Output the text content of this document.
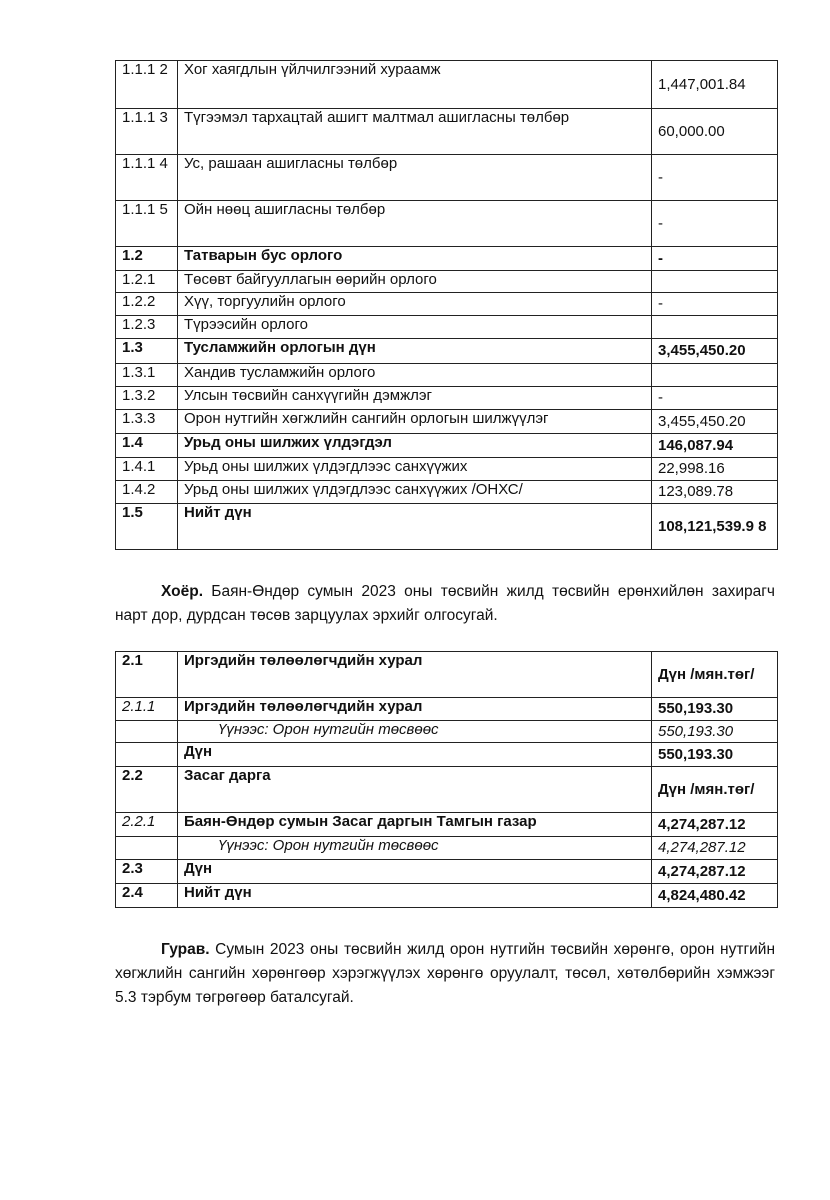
1.1.1 2	Хог хаягдлын үйлчилгээний хураамж	1,447,001.84
1.1.1 3	Түгээмэл тархацтай ашигт малтмал ашигласны төлбөр	60,000.00
1.1.1 4	Ус, рашаан ашигласны төлбөр	-
1.1.1 5	Ойн нөөц ашигласны төлбөр	-
1.2	Татварын бус орлого	-
1.2.1	Төсөвт байгууллагын өөрийн орлого	
1.2.2	Хүү, торгуулийн орлого	-
1.2.3	Түрээсийн орлого	
1.3	Тусламжийн орлогын дүн	3,455,450.20
1.3.1	Хандив тусламжийн орлого	
1.3.2	Улсын төсвийн санхүүгийн дэмжлэг	-
1.3.3	Орон нутгийн хөгжлийн сангийн орлогын шилжүүлэг	3,455,450.20
1.4	Урьд оны шилжих үлдэгдэл	146,087.94
1.4.1	Урьд оны шилжих үлдэгдлээс санхүүжих	22,998.16
1.4.2	Урьд оны шилжих үлдэгдлээс санхүүжих /ОНХС/	123,089.78
1.5	Нийт дүн	108,121,539.9 8
Хоёр. Баян-Өндөр сумын 2023 оны төсвийн жилд төсвийн ерөнхийлөн захирагч нарт дор, дурдсан төсөв зарцуулах эрхийг олгосугай.
2.1	Иргэдийн төлөөлөгчдийн хурал	Дүн /мян.төг/
2.1.1	Иргэдийн төлөөлөгчдийн хурал	550,193.30
	Үүнээс: Орон нутгийн төсвөөс	550,193.30
	Дүн	550,193.30
2.2	Засаг дарга	Дүн /мян.төг/
2.2.1	Баян-Өндөр сумын Засаг даргын Тамгын газар	4,274,287.12
	Үүнээс: Орон нутгийн төсвөөс	4,274,287.12
2.3	Дүн	4,274,287.12
2.4	Нийт дүн	4,824,480.42
Гурав. Сумын 2023 оны төсвийн жилд орон нутгийн төсвийн хөрөнгө, орон нутгийн хөгжлийн сангийн хөрөнгөөр хэрэгжүүлэх хөрөнгө оруулалт, төсөл, хөтөлбөрийн хэмжээг 5.3 тэрбум төгрөгөөр баталсугай.
